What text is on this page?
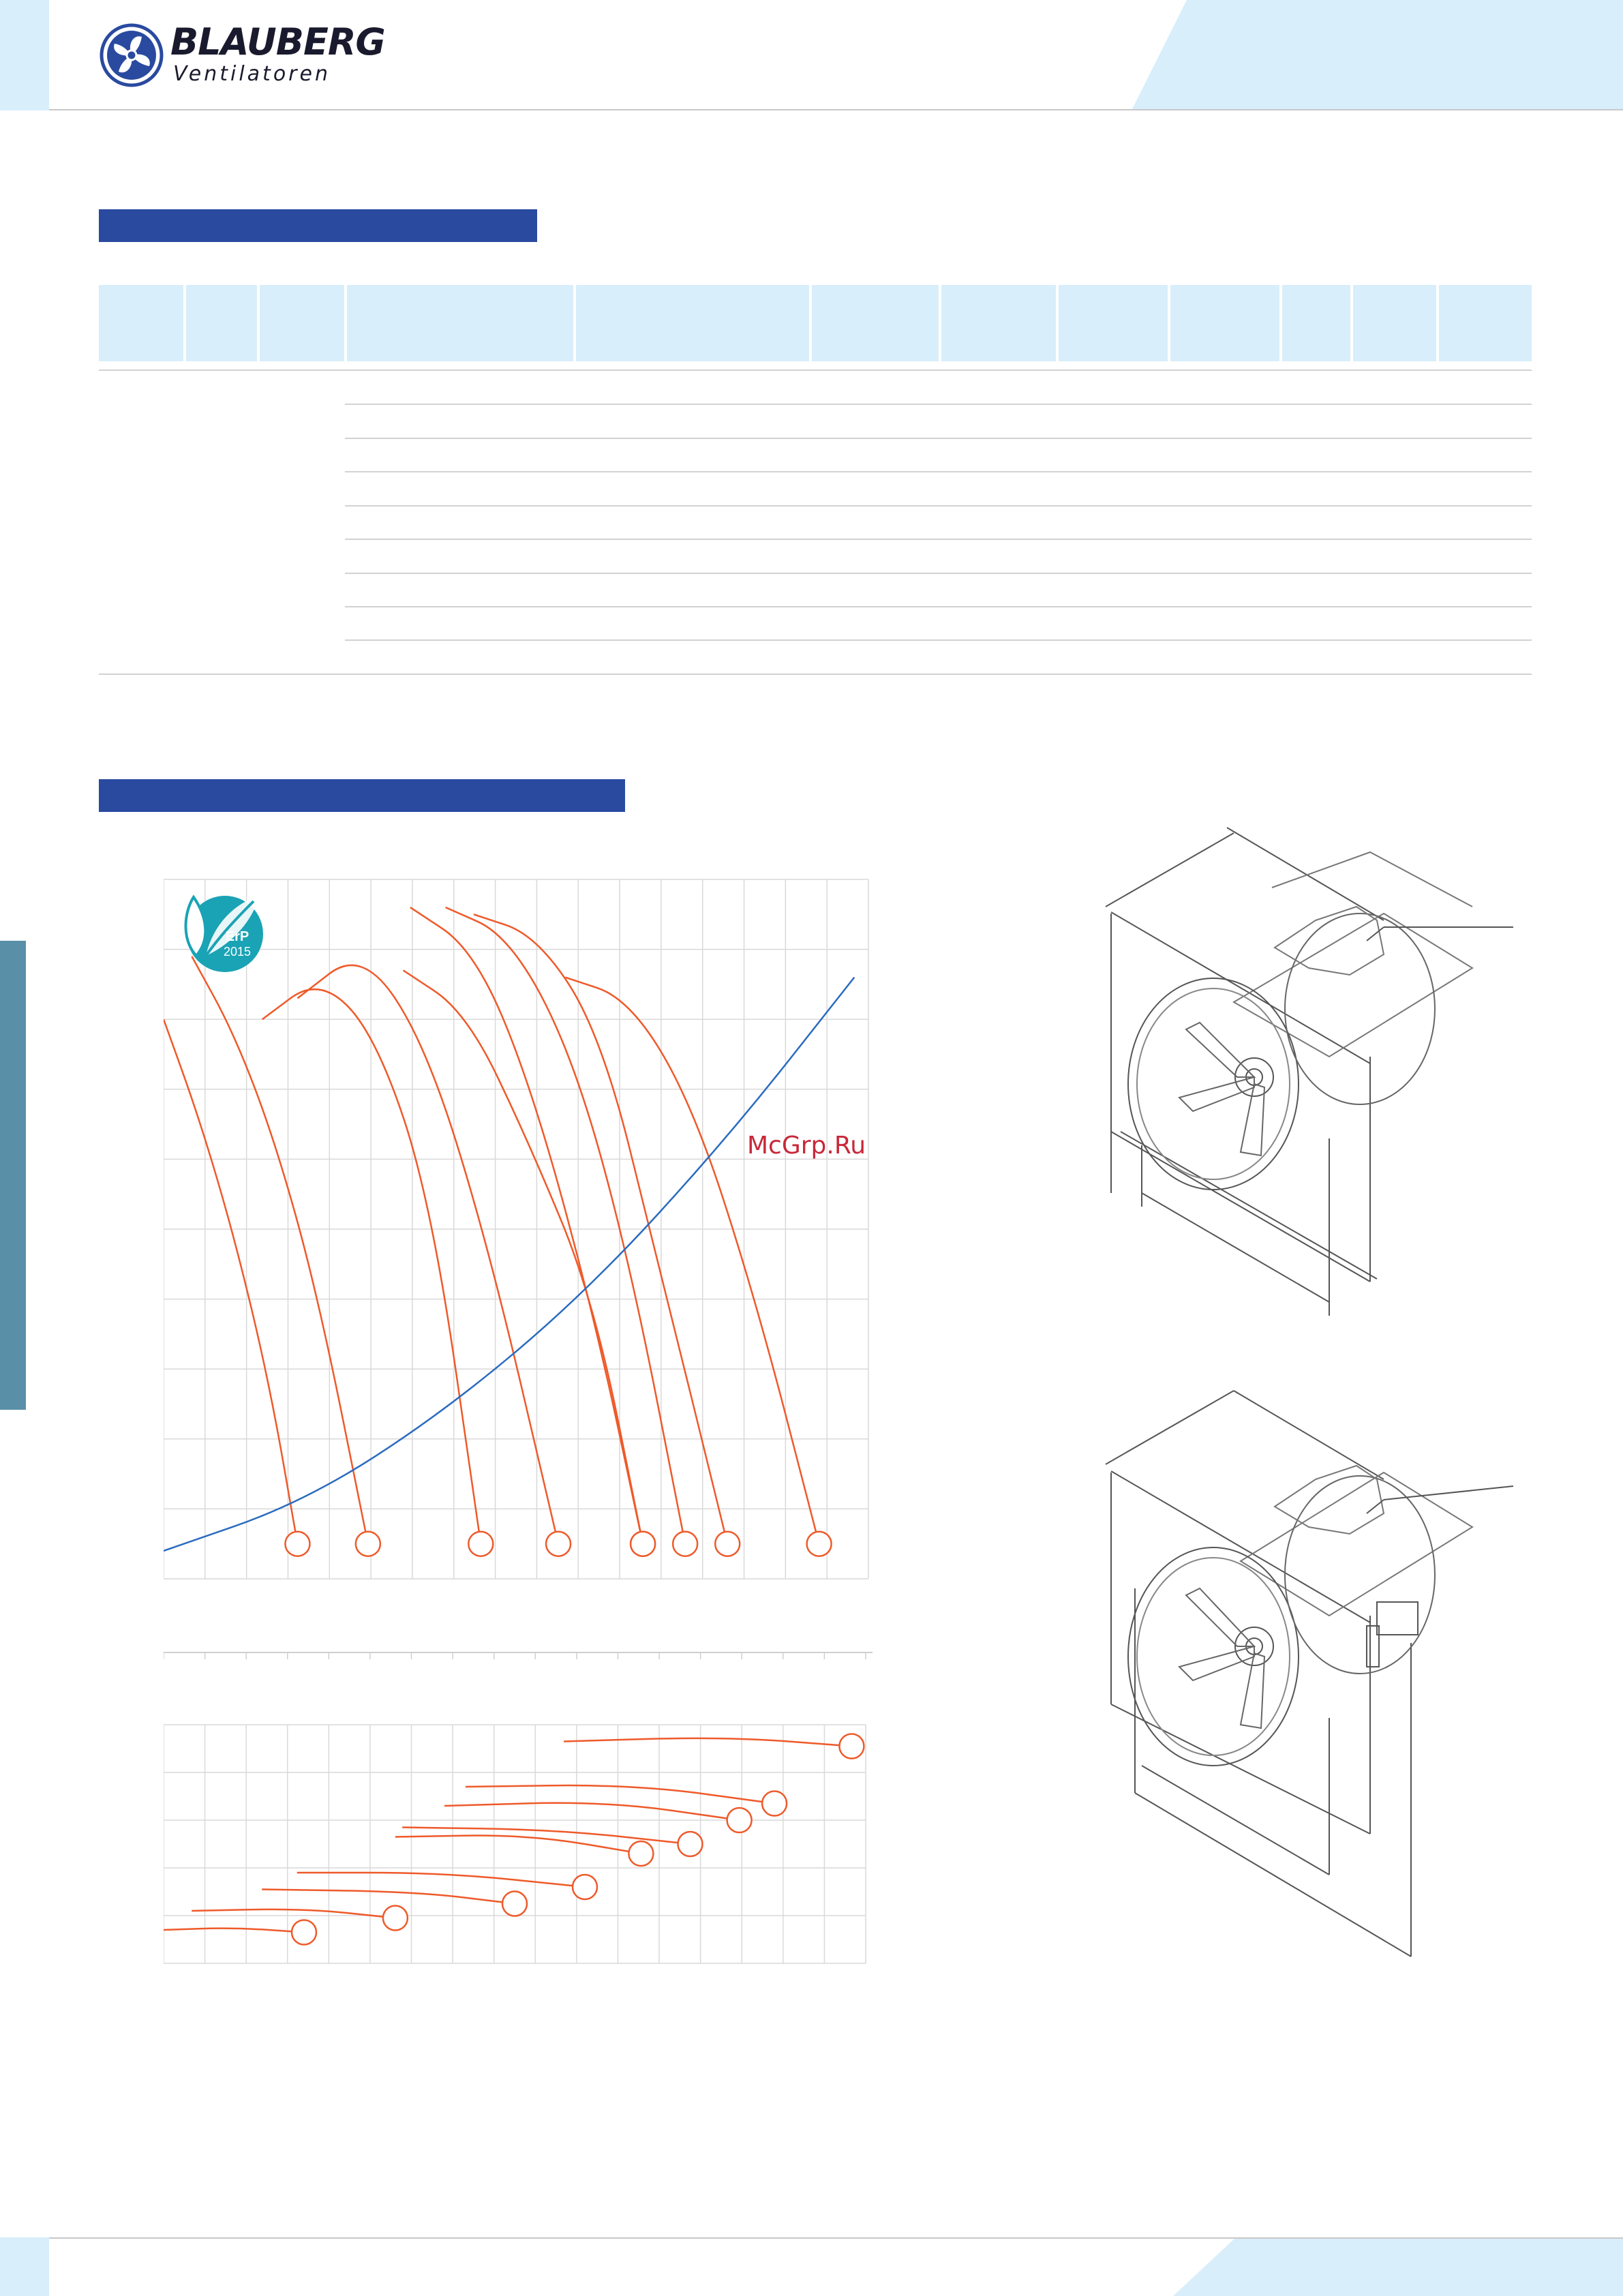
BLAUBERG
Ventilatoren
ErP
2015
McGrp.Ru
